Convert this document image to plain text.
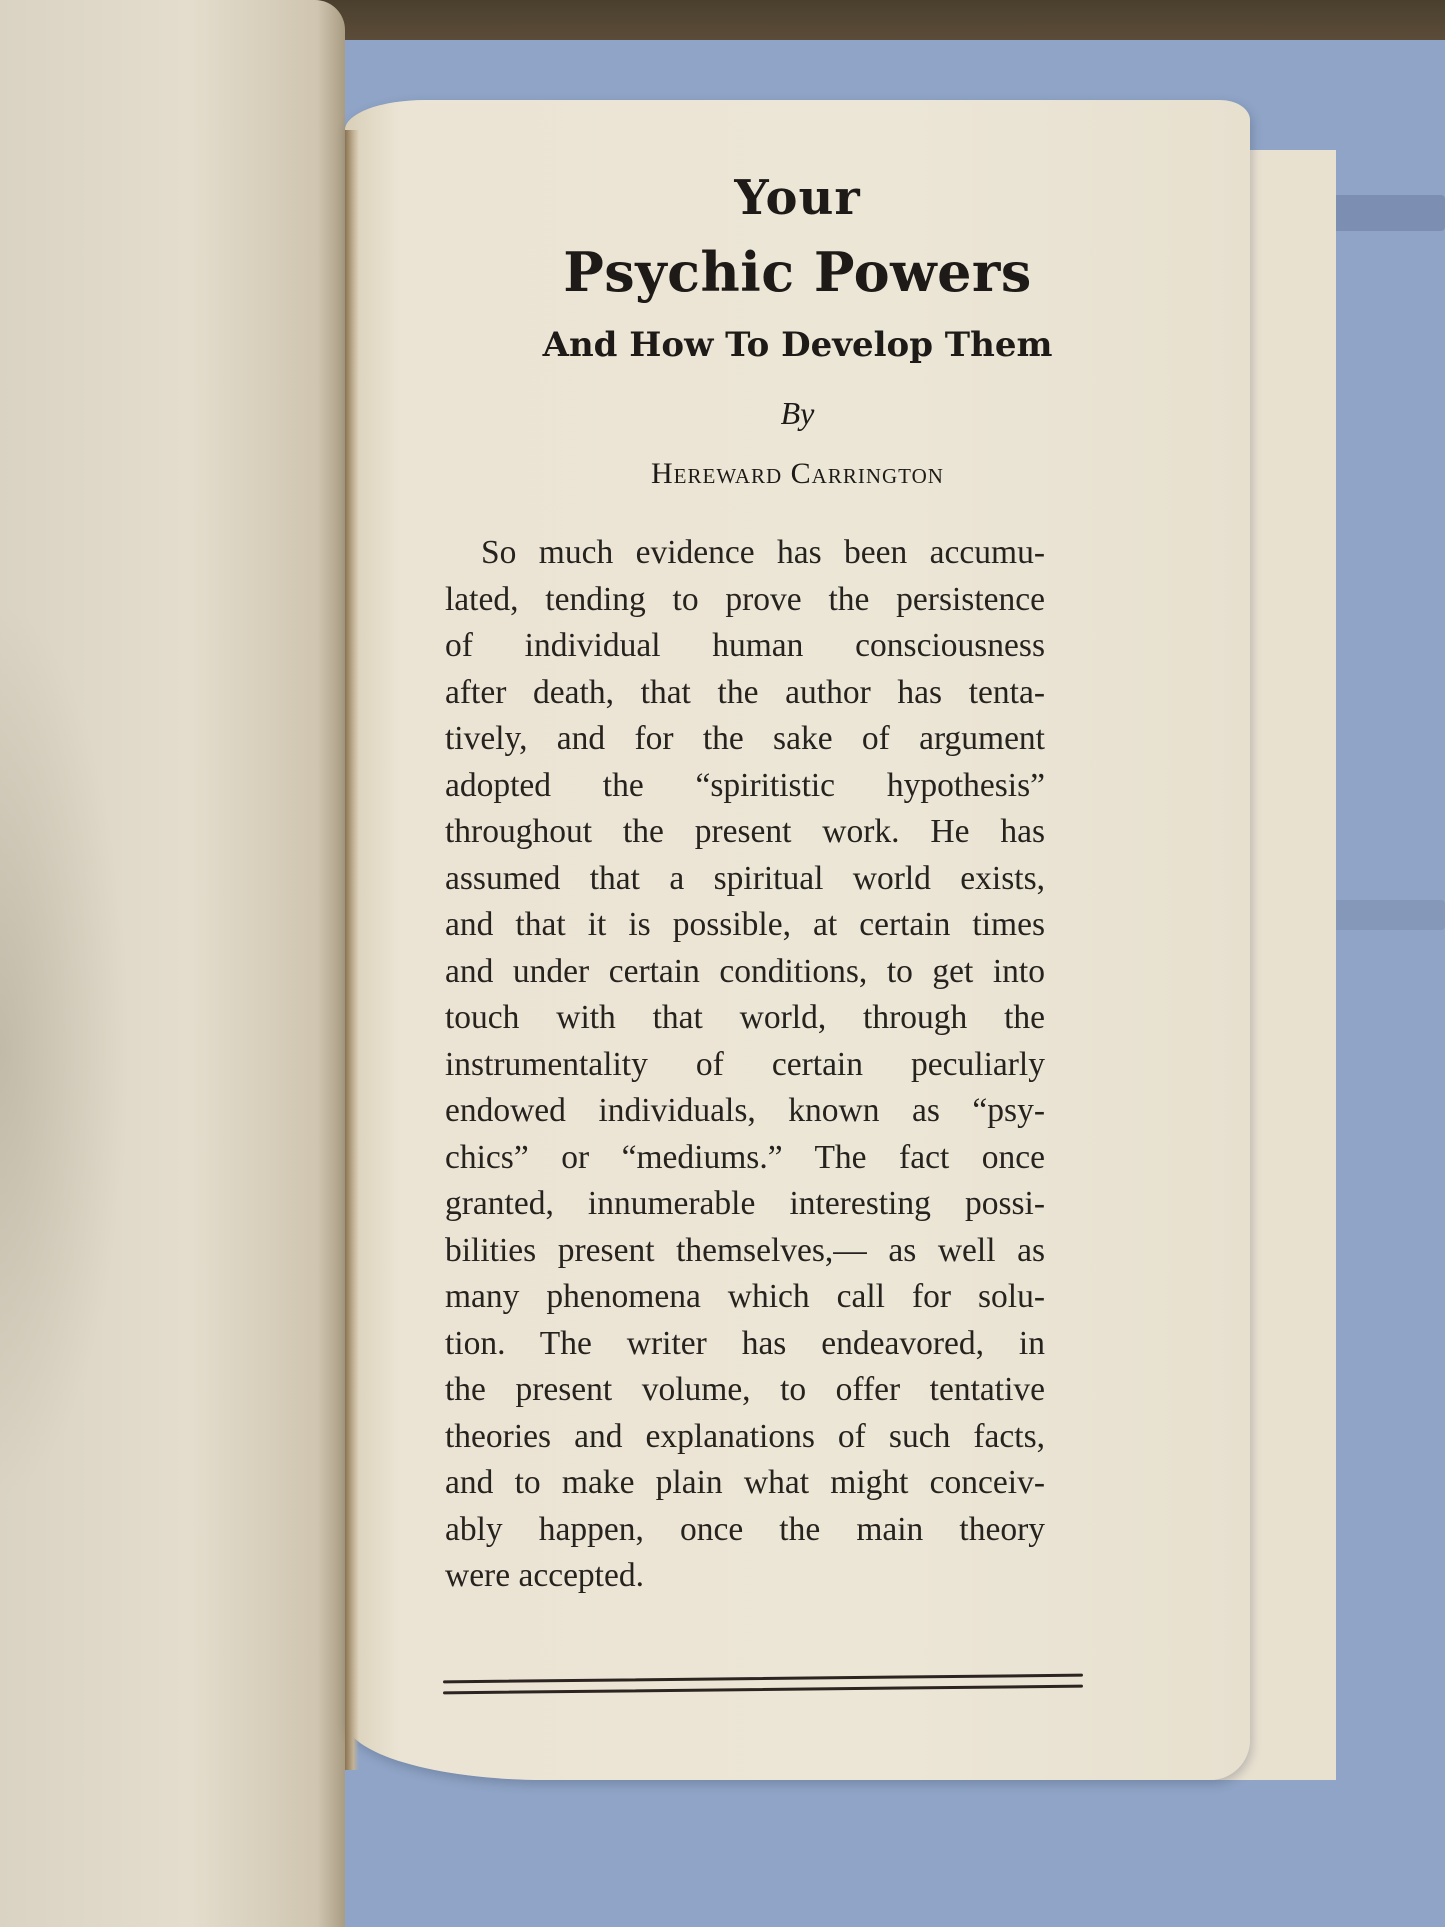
Your
Psychic Powers
And How To Develop Them
By
Hereward Carrington
So much evidence has been accumu-
lated, tending to prove the persistence
of individual human consciousness
after death, that the author has tenta-
tively, and for the sake of argument
adopted the “spiritistic hypothesis”
throughout the present work. He has
assumed that a spiritual world exists,
and that it is possible, at certain times
and under certain conditions, to get into
touch with that world, through the
instrumentality of certain peculiarly
endowed individuals, known as “psy-
chics” or “mediums.” The fact once
granted, innumerable interesting possi-
bilities present themselves,— as well as
many phenomena which call for solu-
tion. The writer has endeavored, in
the present volume, to offer tentative
theories and explanations of such facts,
and to make plain what might conceiv-
ably happen, once the main theory
were accepted.
